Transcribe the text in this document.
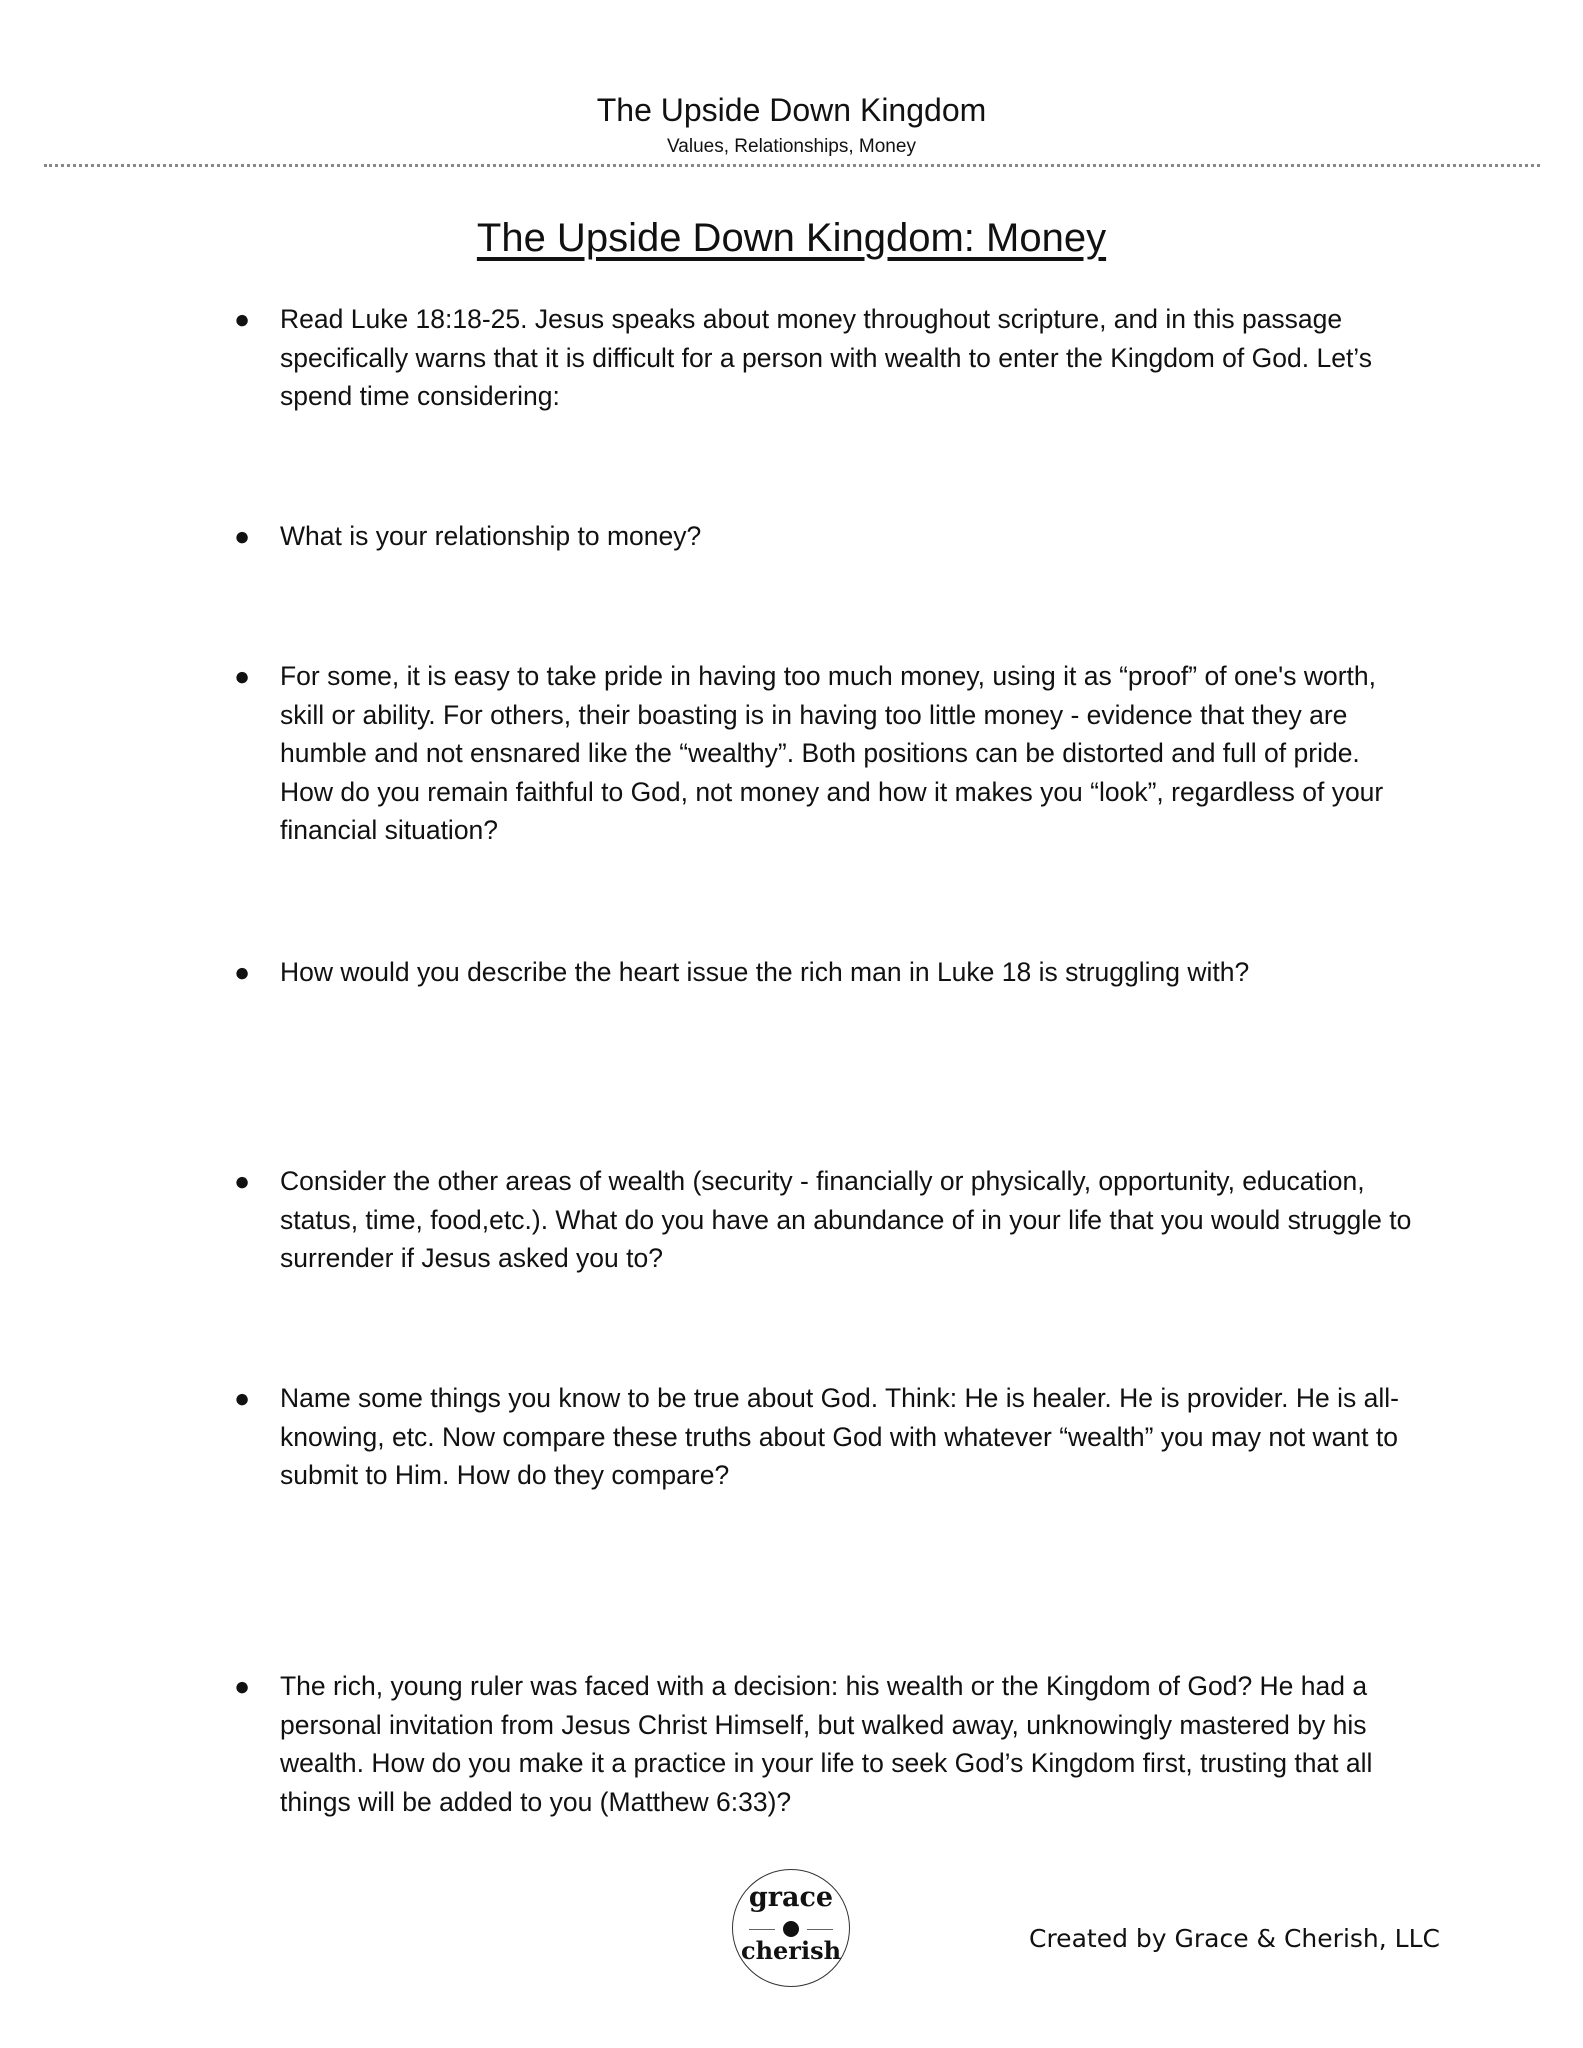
The Upside Down Kingdom
Values, Relationships, Money
The Upside Down Kingdom: Money
●	Read Luke 18:18-25. Jesus speaks about money throughout scripture, and in this passage specifically warns that it is difficult for a person with wealth to enter the Kingdom of God. Let’s spend time considering:
●	What is your relationship to money?
●	For some, it is easy to take pride in having too much money, using it as “proof” of one's worth, skill or ability. For others, their boasting is in having too little money - evidence that they are humble and not ensnared like the “wealthy”. Both positions can be distorted and full of pride. How do you remain faithful to God, not money and how it makes you “look”, regardless of your financial situation?
●	How would you describe the heart issue the rich man in Luke 18 is struggling with?
●	Consider the other areas of wealth (security - financially or physically, opportunity, education, status, time, food,etc.). What do you have an abundance of in your life that you would struggle to surrender if Jesus asked you to?
●	Name some things you know to be true about God. Think: He is healer. He is provider. He is all-knowing, etc. Now compare these truths about God with whatever “wealth” you may not want to submit to Him. How do they compare?
●	The rich, young ruler was faced with a decision: his wealth or the Kingdom of God? He had a personal invitation from Jesus Christ Himself, but walked away, unknowingly mastered by his wealth. How do you make it a practice in your life to seek God’s Kingdom first, trusting that all things will be added to you (Matthew 6:33)?
grace
cherish	Created by Grace & Cherish, LLC
